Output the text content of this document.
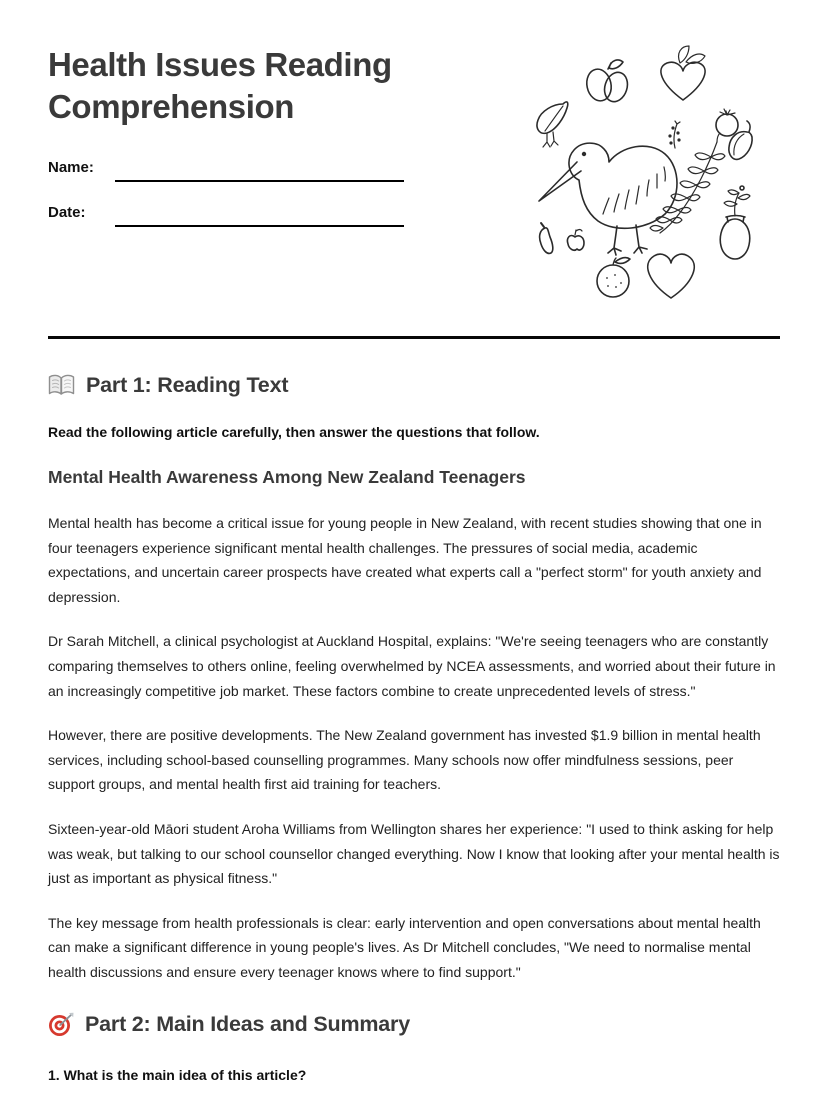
Health Issues Reading Comprehension
Name:
Date:
Part 1: Reading Text

Read the following article carefully, then answer the questions that follow.

Mental Health Awareness Among New Zealand Teenagers

Mental health has become a critical issue for young people in New Zealand, with recent studies showing that one in four teenagers experience significant mental health challenges. The pressures of social media, academic expectations, and uncertain career prospects have created what experts call a "perfect storm" for youth anxiety and depression.

Dr Sarah Mitchell, a clinical psychologist at Auckland Hospital, explains: "We're seeing teenagers who are constantly comparing themselves to others online, feeling overwhelmed by NCEA assessments, and worried about their future in an increasingly competitive job market. These factors combine to create unprecedented levels of stress."

However, there are positive developments. The New Zealand government has invested $1.9 billion in mental health services, including school-based counselling programmes. Many schools now offer mindfulness sessions, peer support groups, and mental health first aid training for teachers.

Sixteen-year-old Māori student Aroha Williams from Wellington shares her experience: "I used to think asking for help was weak, but talking to our school counsellor changed everything. Now I know that looking after your mental health is just as important as physical fitness."

The key message from health professionals is clear: early intervention and open conversations about mental health can make a significant difference in young people's lives. As Dr Mitchell concludes, "We need to normalise mental health discussions and ensure every teenager knows where to find support."

Part 2: Main Ideas and Summary

1. What is the main idea of this article?
